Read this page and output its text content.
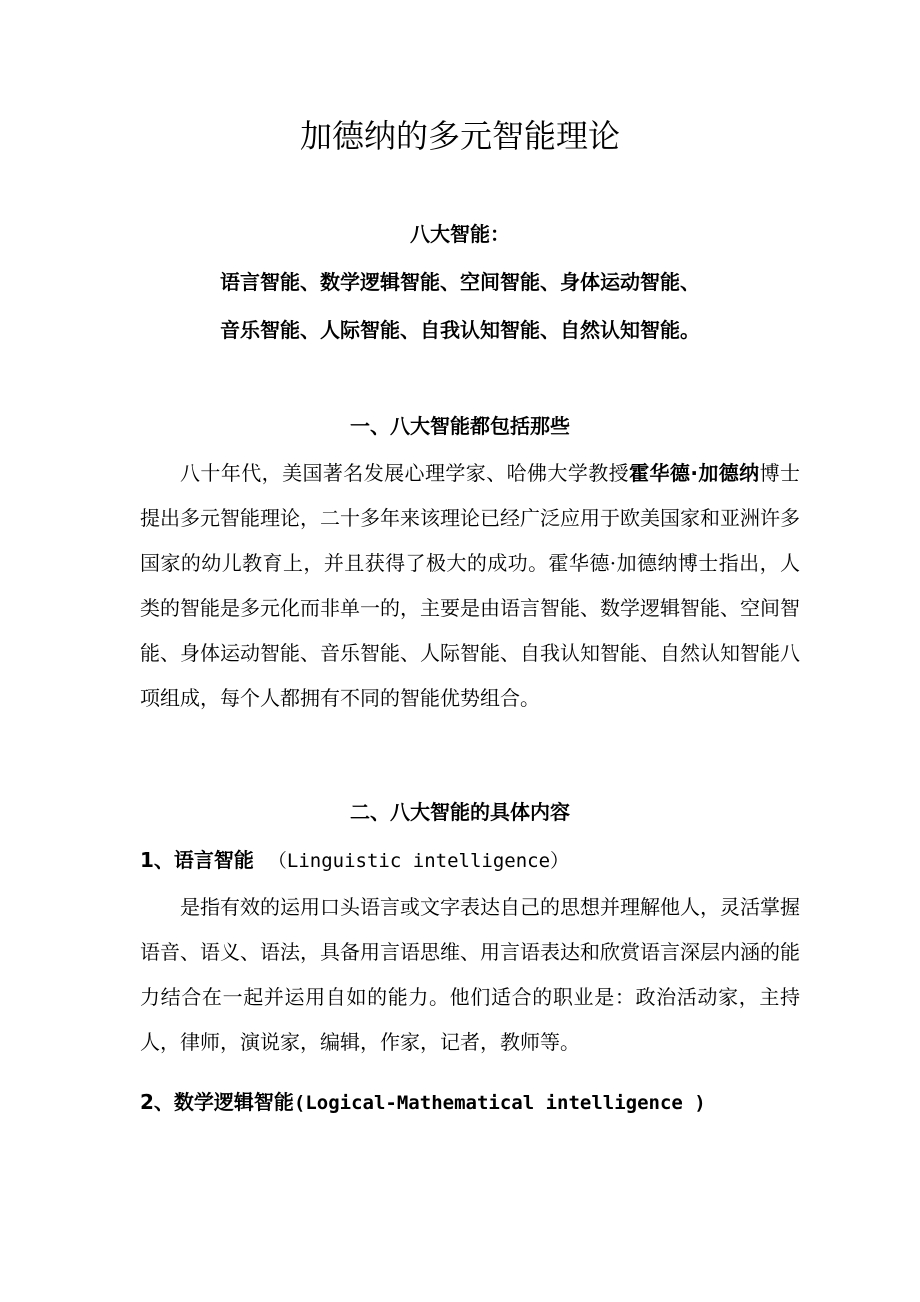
加德纳的多元智能理论

八大智能：

语言智能、数学逻辑智能、空间智能、身体运动智能、

音乐智能、人际智能、自我认知智能、自然认知智能。

一、八大智能都包括那些

八十年代，美国著名发展心理学家、哈佛大学教授霍华德·加德纳博士提出多元智能理论，二十多年来该理论已经广泛应用于欧美国家和亚洲许多国家的幼儿教育上，并且获得了极大的成功。霍华德·加德纳博士指出，人类的智能是多元化而非单一的，主要是由语言智能、数学逻辑智能、空间智能、身体运动智能、音乐智能、人际智能、自我认知智能、自然认知智能八项组成，每个人都拥有不同的智能优势组合。

二、八大智能的具体内容

1、语言智能 （Linguistic intelligence）

是指有效的运用口头语言或文字表达自己的思想并理解他人，灵活掌握语音、语义、语法，具备用言语思维、用言语表达和欣赏语言深层内涵的能力结合在一起并运用自如的能力。他们适合的职业是：政治活动家，主持人，律师，演说家，编辑，作家，记者，教师等。

2、数学逻辑智能(Logical-Mathematical intelligence )
